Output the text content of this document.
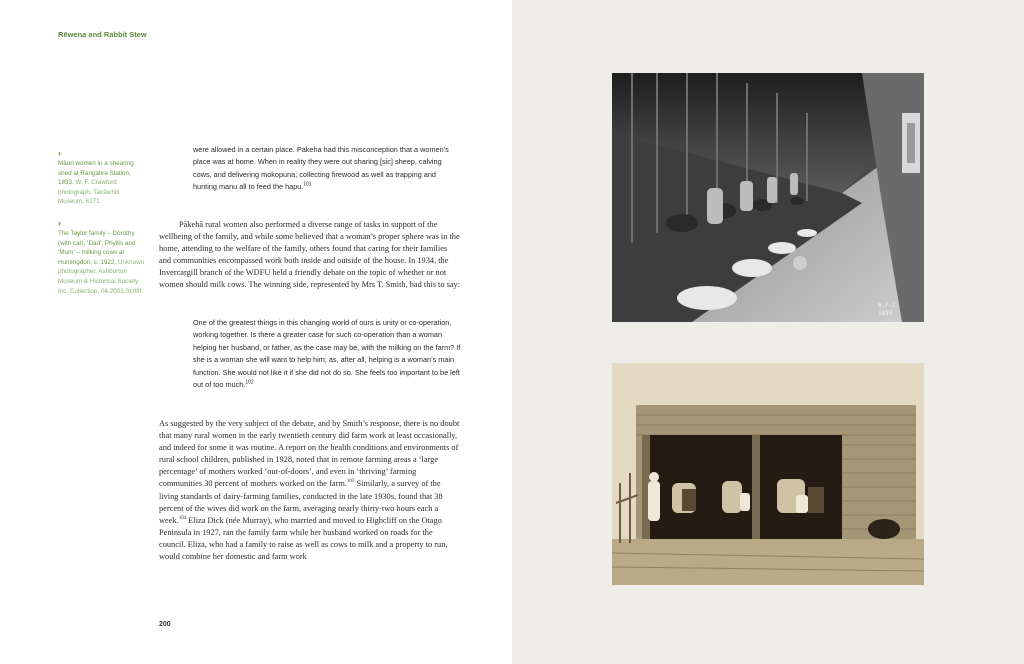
Rēwena and Rabbit Stew
›
Māori women in a shearing shed at Rangatira Station, 1893. W. F. Crawford photograph, Tairāwhiti Museum, 6171.
›
The Taylor family – Dorothy (with cat), ‘Dad’, Phyllis and ‘Mum’ – milking cows at Huntingdon, c. 1922. Unknown photographer, Ashburton Museum & Historical Society Inc. Collection, 04.2003.0108f.

were allowed in a certain place. Pakeha had this misconception that a women’s place was at home. When in reality they were out sharing [sic] sheep, calving cows, and delivering mokopuna, collecting firewood as well as trapping and hunting manu all to feed the hapu.$^{101}$

Pākehā rural women also performed a diverse range of tasks in support of the wellbeing of the family, and while some believed that a woman’s proper sphere was in the home, attending to the welfare of the family, others found that caring for their families and communities encompassed work both inside and outside of the house. In 1934, the Invercargill branch of the WDFU held a friendly debate on the topic of whether or not women should milk cows. The winning side, represented by Mrs T. Smith, had this to say:

One of the greatest things in this changing world of ours is unity or co-operation, working together. Is there a greater case for such co-operation than a woman helping her husband, or father, as the case may be, with the milking on the farm? If she is a woman she will want to help him; as, after all, helping is a woman’s main function. She would not like it if she did not do so. She feels too important to be left out of too much.$^{102}$

As suggested by the very subject of the debate, and by Smith’s response, there is no doubt that many rural women in the early twentieth century did farm work at least occasionally, and indeed for some it was routine. A report on the health conditions and environments of rural school children, published in 1928, noted that in remote farming areas a ‘large percentage’ of mothers worked ‘out-of-doors’, and even in ‘thriving’ farming communities 30 percent of mothers worked on the farm.$^{103}$ Similarly, a survey of the living standards of dairy-farming families, conducted in the late 1930s, found that 38 percent of the wives did work on the farm, averaging nearly thirty-two hours each a week.$^{104}$ Eliza Dick (née Murray), who married and moved to Highcliff on the Otago Peninsula in 1927, ran the family farm while her husband worked on roads for the council. Eliza, who had a family to raise as well as cows to milk and a property to run, would combine her domestic and farm work

200
W.F.C.
1893
